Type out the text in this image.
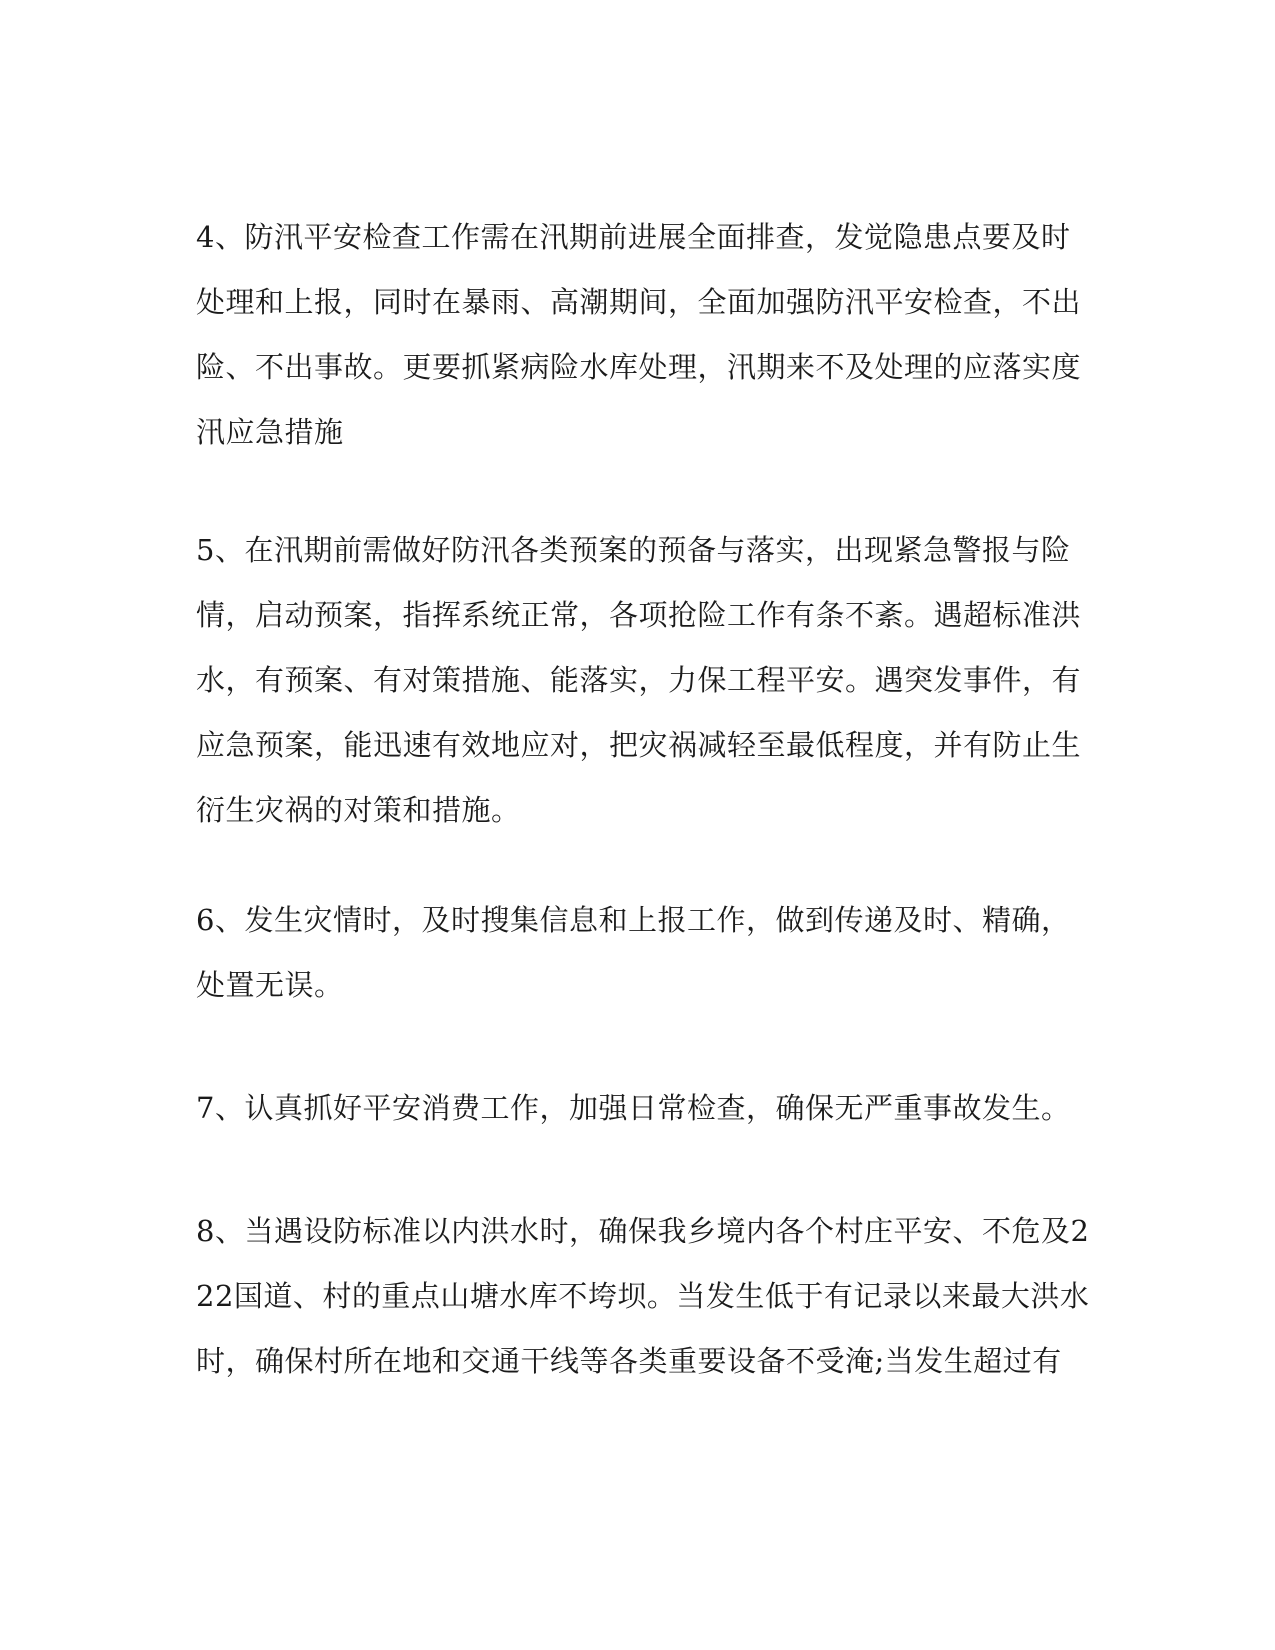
4、防汛平安检查工作需在汛期前进展全面排查，发觉隐患点要及时
处理和上报，同时在暴雨、高潮期间，全面加强防汛平安检查，不出
险、不出事故。更要抓紧病险水库处理，汛期来不及处理的应落实度
汛应急措施

5、在汛期前需做好防汛各类预案的预备与落实，出现紧急警报与险
情，启动预案，指挥系统正常，各项抢险工作有条不紊。遇超标准洪
水，有预案、有对策措施、能落实，力保工程平安。遇突发事件，有
应急预案，能迅速有效地应对，把灾祸减轻至最低程度，并有防止生
衍生灾祸的对策和措施。

6、发生灾情时，及时搜集信息和上报工作，做到传递及时、精确，
处置无误。

7、认真抓好平安消费工作，加强日常检查，确保无严重事故发生。

8、当遇设防标准以内洪水时，确保我乡境内各个村庄平安、不危及2
22国道、村的重点山塘水库不垮坝。当发生低于有记录以来最大洪水
时，确保村所在地和交通干线等各类重要设备不受淹;当发生超过有
